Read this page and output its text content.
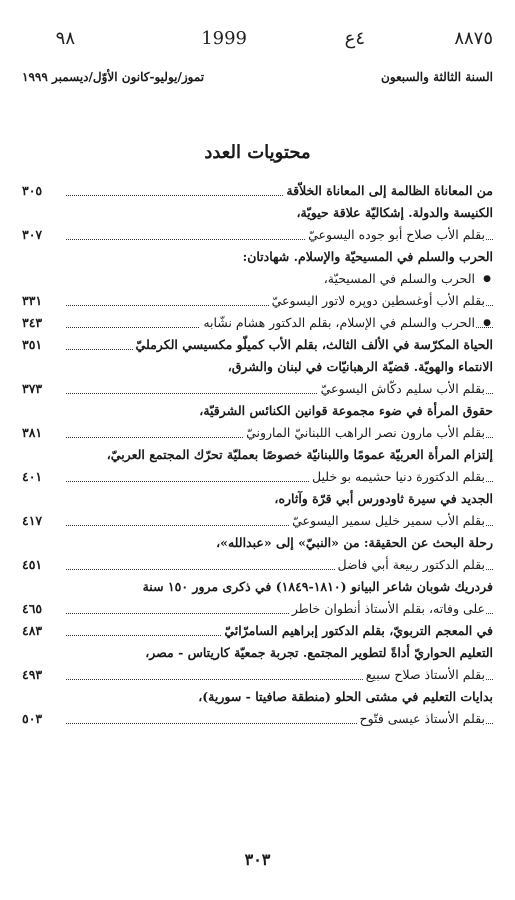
٨٨٧٥
٤ع
1999
٩٨
السنة الثالثة والسبعون
تموز/يوليو-كانون الأوّل/ديسمبر ١٩٩٩
محتويات العدد
من المعاناة الظالمة إلى المعاناة الخلاّقة
٣٠٥
الكنيسة والدولة. إشكاليّة علاقة حيويّة،
بقلم الأب صلاح أبو جوده اليسوعيّ
٣٠٧
الحرب والسلم في المسيحيّة والإسلام. شهادتان:
● الحرب والسلم في المسيحيّة،
بقلم الأب أوغسطين دوپره لاتور اليسوعيّ
٣٣١
● الحرب والسلم في الإسلام، بقلم الدكتور هشام نشّابه
٣٤٣
الحياة المكرّسة في الألف الثالث، بقلم الأب كميلّو مكسيسي الكرمليّ
٣٥١
الانتماء والهويّة. قضيّة الرهبانيّات في لبنان والشرق،
بقلم الأب سليم دكّاش اليسوعيّ
٣٧٣
حقوق المرأة في ضوء مجموعة قوانين الكنائس الشرقيّة،
بقلم الأب مارون نصر الراهب اللبنانيّ المارونيّ
٣٨١
إلتزام المرأة العربيّة عمومًا واللبنانيّة خصوصًا بعمليّة تحرّك المجتمع العربيّ،
بقلم الدكتورة دنيا حشيمه بو خليل
٤٠١
الجديد في سيرة ثاودورس أبي قرّة وآثاره،
بقلم الأب سمير خليل سمير اليسوعيّ
٤١٧
رحلة البحث عن الحقيقة: من «النبيّ» إلى «عبدالله»،
بقلم الدكتور ربيعة أبي فاضل
٤٥١
فردريك شوبان شاعر البيانو (١٨١٠-١٨٤٩) في ذكرى مرور ١٥٠ سنة
على وفاته، بقلم الأستاذ أنطوان خاطر
٤٦٥
في المعجم التربويّ، بقلم الدكتور إبراهيم السامرّائيّ
٤٨٣
التعليم الحواريّ أداةً لتطوير المجتمع. تجربة جمعيّة كاريتاس - مصر،
بقلم الأستاذ صلاح سبيع
٤٩٣
بدايات التعليم في مشتى الحلو (منطقة صافيتا - سورية)،
بقلم الأستاذ عيسى فتّوح
٥٠٣
٣٠٣
